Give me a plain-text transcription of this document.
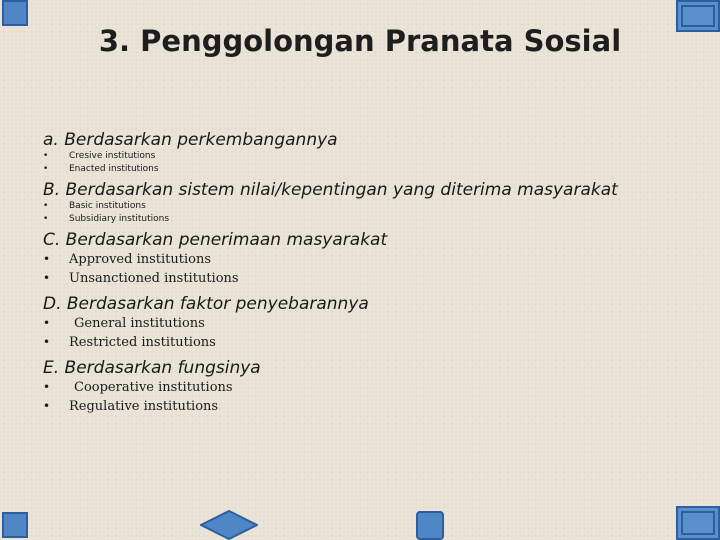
3. Penggolongan Pranata Sosial
a. Berdasarkan perkembangannya
• Cresive institutions
• Enacted institutions
B. Berdasarkan sistem nilai/kepentingan yang diterima masyarakat
• Basic institutions
• Subsidiary institutions
C. Berdasarkan penerimaan masyarakat
• Approved institutions
• Unsanctioned institutions
D. Berdasarkan faktor penyebarannya
• General institutions
• Restricted institutions
E. Berdasarkan fungsinya
• Cooperative institutions
• Regulative institutions
